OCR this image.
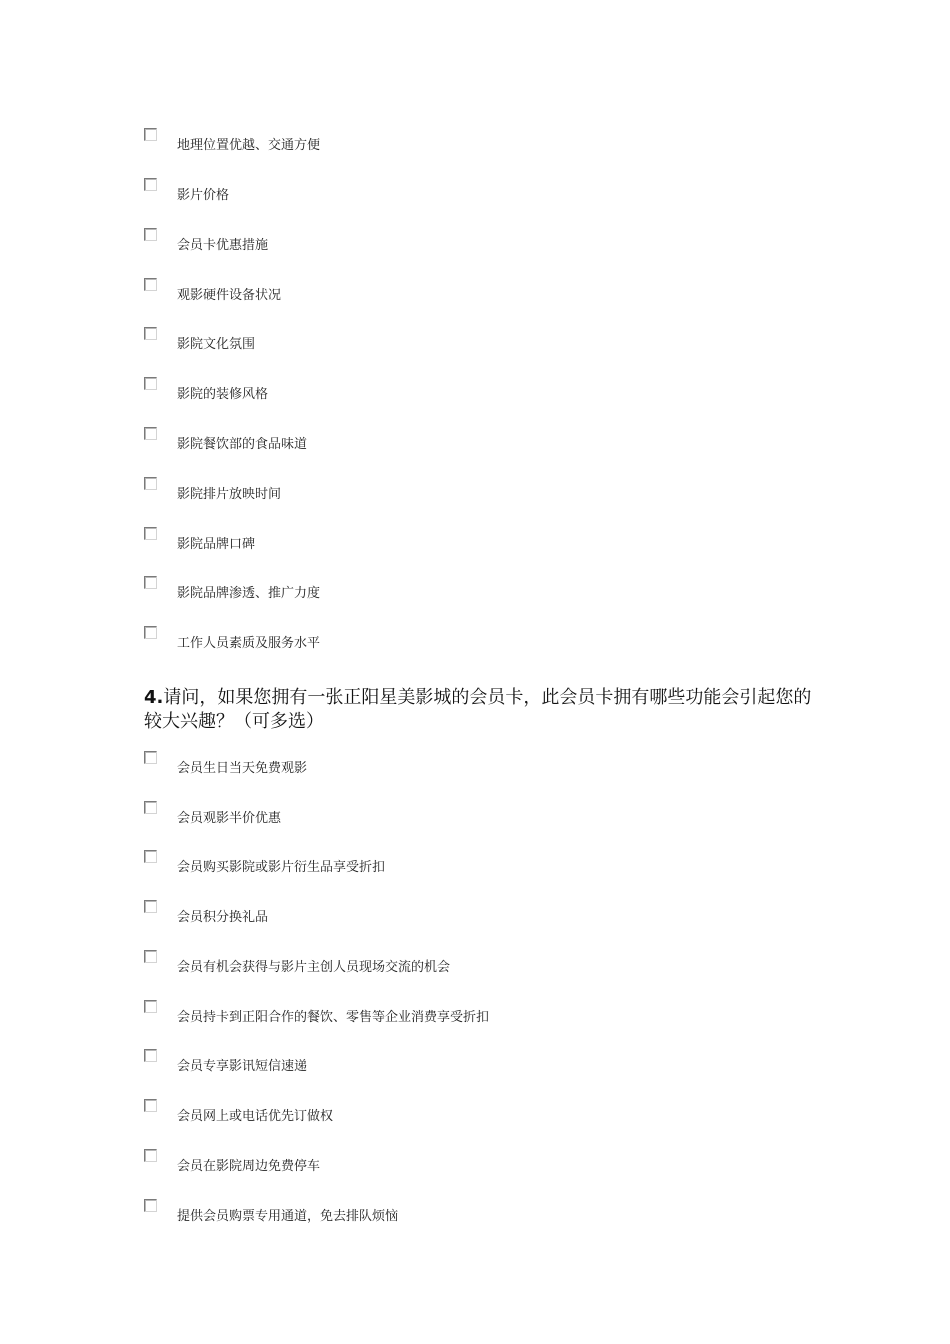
地理位置优越、交通方便
影片价格
会员卡优惠措施
观影硬件设备状况
影院文化氛围
影院的装修风格
影院餐饮部的食品味道
影院排片放映时间
影院品牌口碑
影院品牌渗透、推广力度
工作人员素质及服务水平
4.请问，如果您拥有一张正阳星美影城的会员卡，此会员卡拥有哪些功能会引起您的较大兴趣？（可多选）
会员生日当天免费观影
会员观影半价优惠
会员购买影院或影片衍生品享受折扣
会员积分换礼品
会员有机会获得与影片主创人员现场交流的机会
会员持卡到正阳合作的餐饮、零售等企业消费享受折扣
会员专享影讯短信速递
会员网上或电话优先订做权
会员在影院周边免费停车
提供会员购票专用通道，免去排队烦恼
